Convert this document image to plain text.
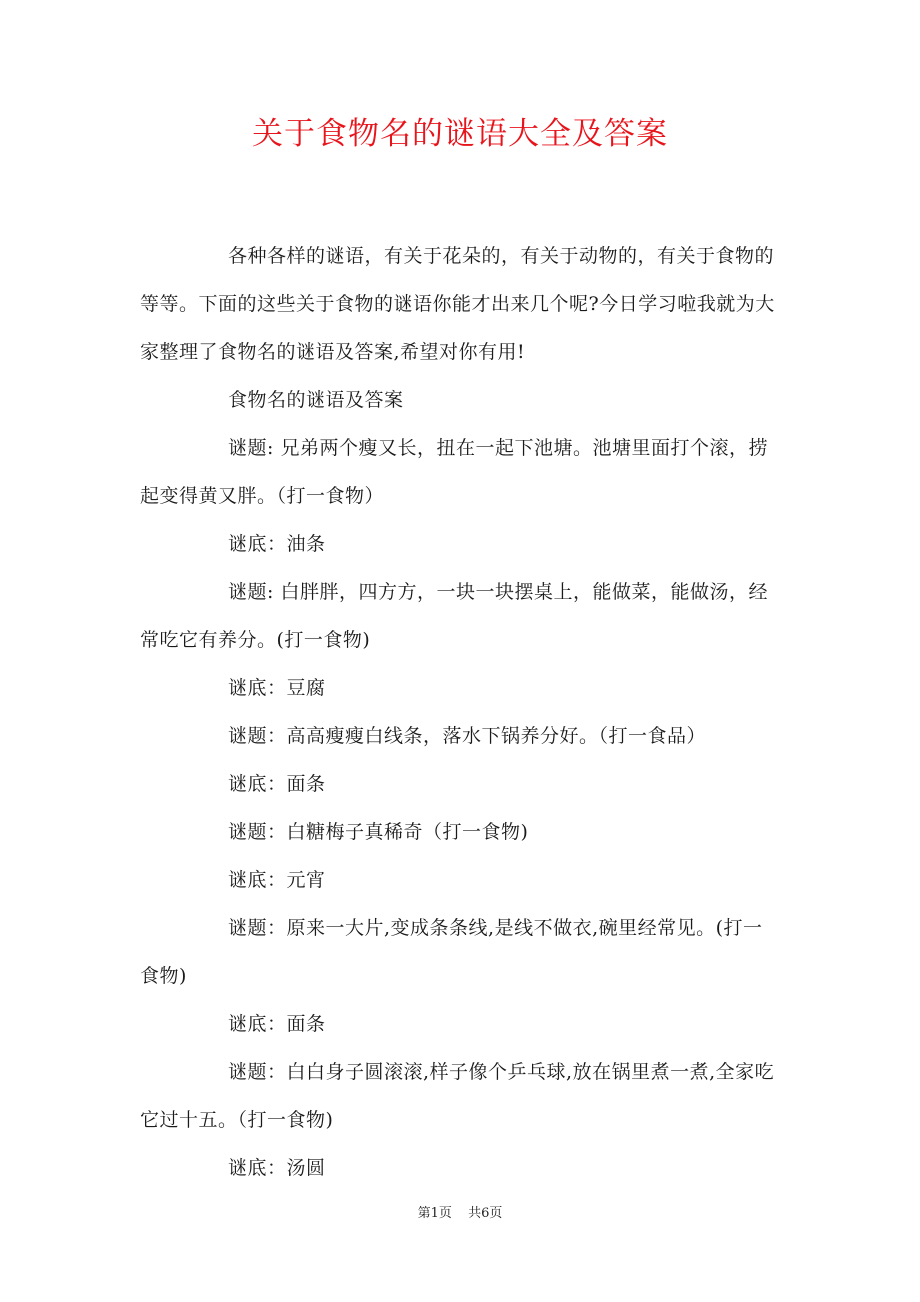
关于食物名的谜语大全及答案

各种各样的谜语，有关于花朵的，有关于动物的，有关于食物的等等。下面的这些关于食物的谜语你能才出来几个呢?今日学习啦我就为大家整理了食物名的谜语及答案,希望对你有用!

食物名的谜语及答案

谜题: 兄弟两个瘦又长，扭在一起下池塘。池塘里面打个滚，捞起变得黄又胖。（打一食物）

谜底：油条

谜题: 白胖胖，四方方，一块一块摆桌上，能做菜，能做汤，经常吃它有养分。(打一食物)

谜底：豆腐

谜题：高高瘦瘦白线条，落水下锅养分好。（打一食品）

谜底：面条

谜题：白糖梅子真稀奇（打一食物)

谜底：元宵

谜题：原来一大片,变成条条线,是线不做衣,碗里经常见。(打一食物)

谜底：面条

谜题：白白身子圆滚滚,样子像个乒乓球,放在锅里煮一煮,全家吃它过十五。（打一食物)

谜底：汤圆

第1页 共6页
